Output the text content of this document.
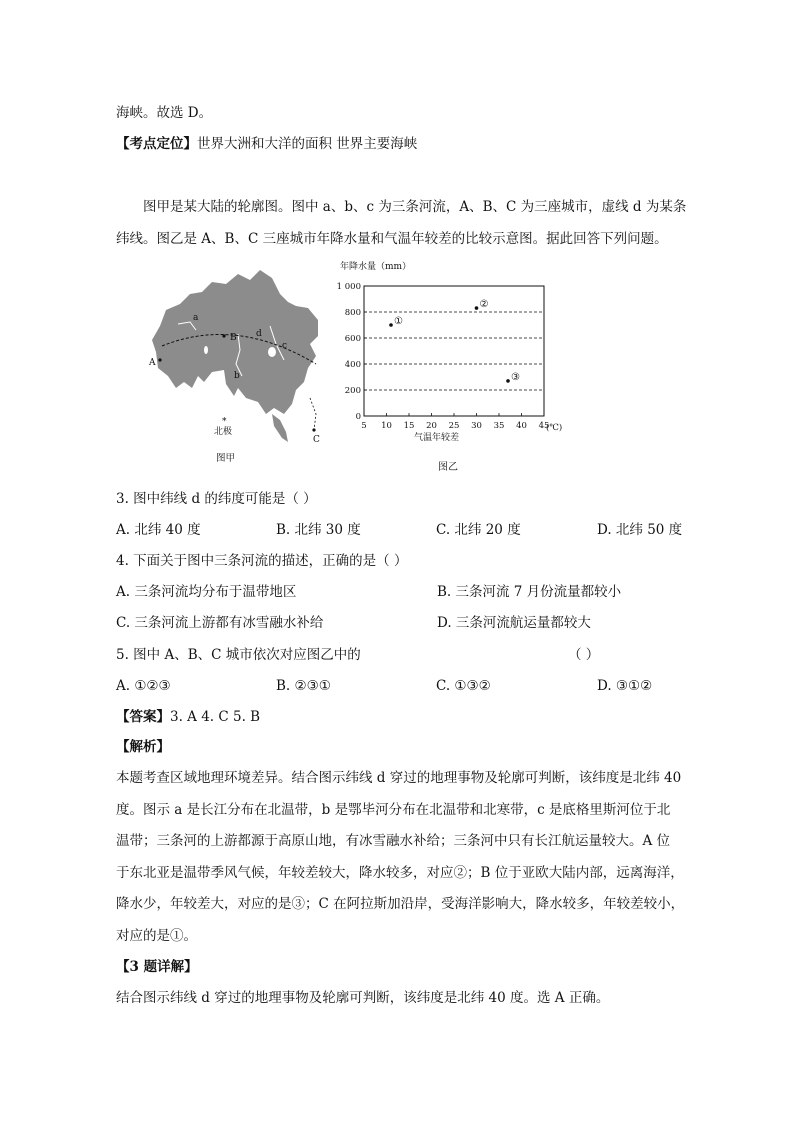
海峡。故选 D。
【考点定位】世界大洲和大洋的面积 世界主要海峡
图甲是某大陆的轮廓图。图中 a、b、c 为三条河流，A、B、C 为三座城市，虚线 d 为某条
纬线。图乙是 A、B、C 三座城市年降水量和气温年较差的比较示意图。据此回答下列问题。
a
b
c
d
A
B
C
*
北极
图甲
年降水量（mm）
气温年较差
(℃)
0
200
400
600
800
1 000
5 10 15 20 25 30 35 40 45
①
②
③
图乙
3. 图中纬线 d 的纬度可能是（ ）
A. 北纬 40 度	B. 北纬 30 度	C. 北纬 20 度	D. 北纬 50 度
4. 下面关于图中三条河流的描述，正确的是（ ）
A. 三条河流均分布于温带地区	B. 三条河流 7 月份流量都较小
C. 三条河流上游都有冰雪融水补给	D. 三条河流航运量都较大
5. 图中 A、B、C 城市依次对应图乙中的	（ ）
A. ①②③	B. ②③①	C. ①③②	D. ③①②
【答案】3. A 4. C 5. B
【解析】
本题考查区域地理环境差异。结合图示纬线 d 穿过的地理事物及轮廓可判断，该纬度是北纬 40
度。图示 a 是长江分布在北温带，b 是鄂毕河分布在北温带和北寒带，c 是底格里斯河位于北
温带；三条河的上游都源于高原山地，有冰雪融水补给；三条河中只有长江航运量较大。A 位
于东北亚是温带季风气候，年较差较大，降水较多，对应②；B 位于亚欧大陆内部，远离海洋，
降水少，年较差大，对应的是③；C 在阿拉斯加沿岸，受海洋影响大，降水较多，年较差较小，
对应的是①。
【3 题详解】
结合图示纬线 d 穿过的地理事物及轮廓可判断，该纬度是北纬 40 度。选 A 正确。
